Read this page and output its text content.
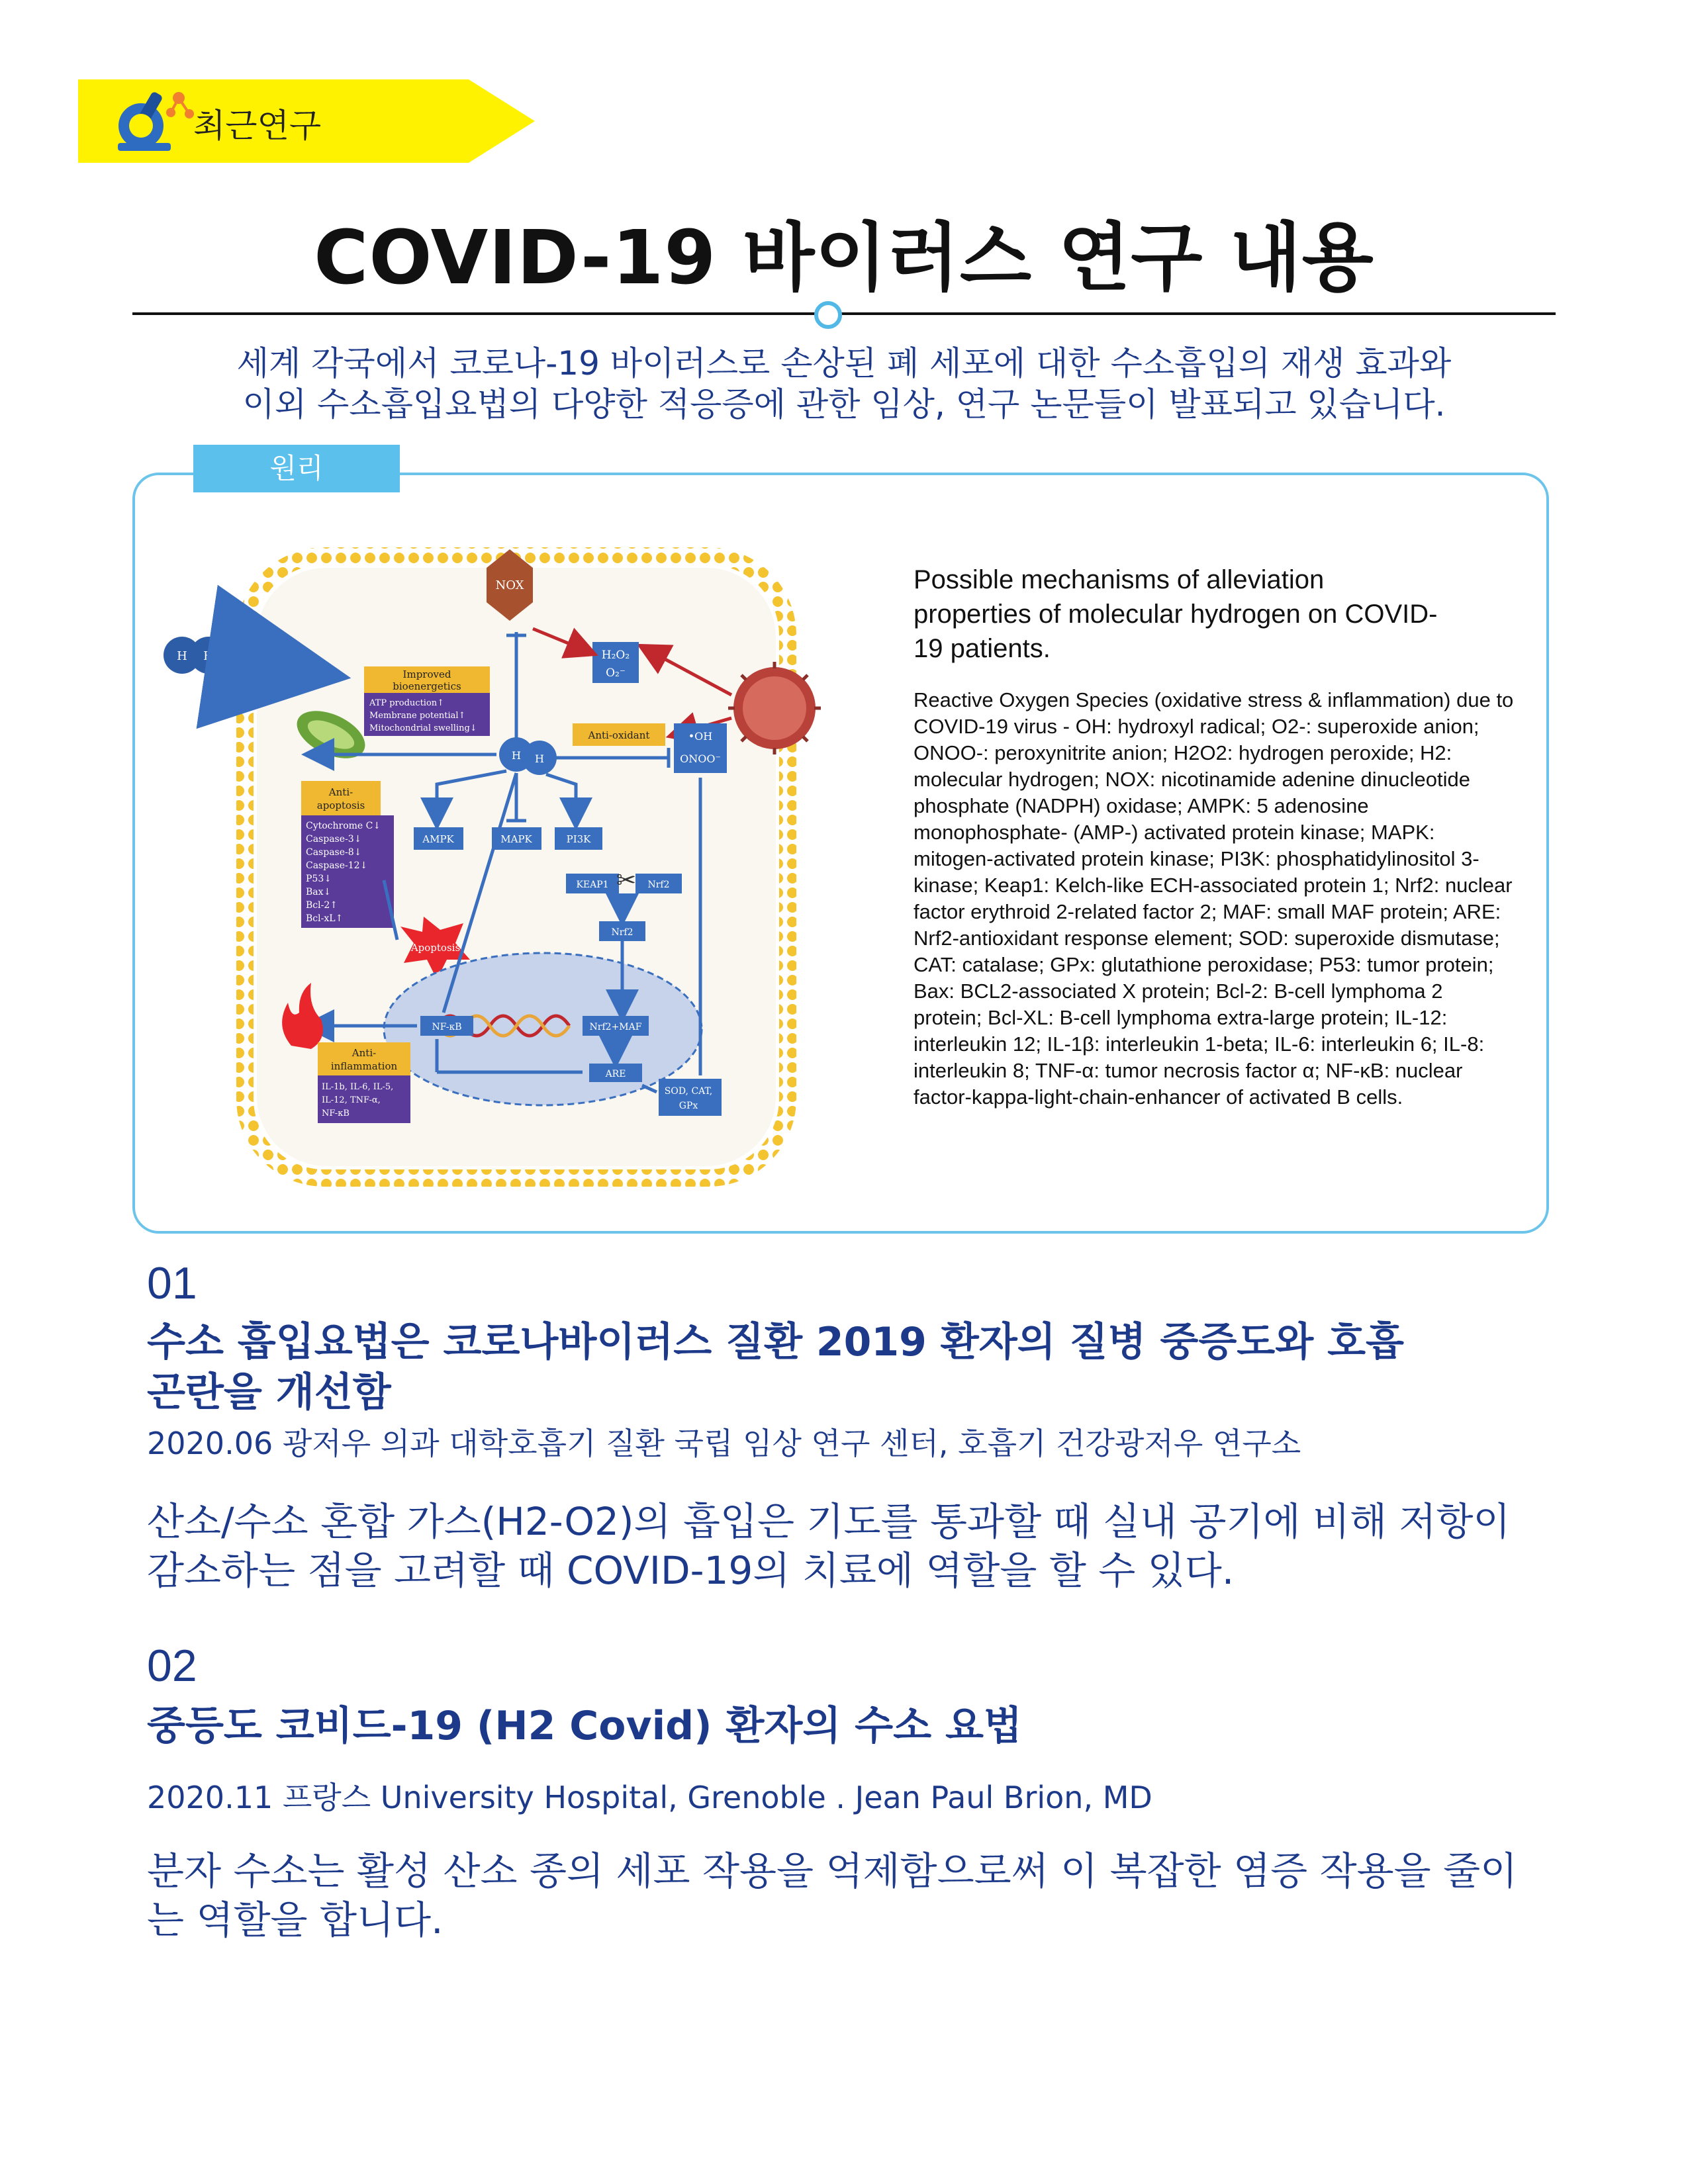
최근연구
COVID-19 바이러스 연구 내용
세계 각국에서 코로나-19 바이러스로 손상된 폐 세포에 대한 수소흡입의 재생 효과와
이외 수소흡입요법의 다양한 적응증에 관한 임상, 연구 논문들이 발표되고 있습니다.
원리
NOX
H H	H₂O₂
O₂⁻
Improved
bioenergetics
ATP production↑
Membrane potential↑
Mitochondrial swelling↓
H H
Anti-oxidant	•OH
ONOO⁻
Anti-
apoptosis
Cytochrome C↓
Caspase-3↓
Caspase-8↓
Caspase-12↓
P53↓
Bax↓
Bcl-2↑
Bcl-xL↑
AMPK	MAPK	PI3K
KEAP1	Nrf2
✂
Nrf2
Apoptosis
NF-κB	Nrf2+MAF
ARE
SOD, CAT,
GPx
Anti-
inflammation
IL-1b, IL-6, IL-5,
IL-12, TNF-α,
NF-κB
Possible mechanisms of alleviation properties of molecular hydrogen on COVID-19 patients.
Reactive Oxygen Species (oxidative stress & inflammation) due to COVID-19 virus - OH: hydroxyl radical; O2-: superoxide anion; ONOO-: peroxynitrite anion; H2O2: hydrogen peroxide; H2: molecular hydrogen; NOX: nicotinamide adenine dinucleotide phosphate (NADPH) oxidase; AMPK: 5 adenosine monophosphate- (AMP-) activated protein kinase; MAPK: mitogen-activated protein kinase; PI3K: phosphatidylinositol 3-kinase; Keap1: Kelch-like ECH-associated protein 1; Nrf2: nuclear factor erythroid 2-related factor 2; MAF: small MAF protein; ARE: Nrf2-antioxidant response element; SOD: superoxide dismutase; CAT: catalase; GPx: glutathione peroxidase; P53: tumor protein; Bax: BCL2-associated X protein; Bcl-2: B-cell lymphoma 2 protein; Bcl-XL: B-cell lymphoma extra-large protein; IL-12: interleukin 12; IL-1β: interleukin 1-beta; IL-6: interleukin 6; IL-8: interleukin 8; TNF-α: tumor necrosis factor α; NF-κB: nuclear factor-kappa-light-chain-enhancer of activated B cells.
01
수소 흡입요법은 코로나바이러스 질환 2019 환자의 질병 중증도와 호흡
곤란을 개선함
2020.06 광저우 의과 대학호흡기 질환 국립 임상 연구 센터, 호흡기 건강광저우 연구소
산소/수소 혼합 가스(H2-O2)의 흡입은 기도를 통과할 때 실내 공기에 비해 저항이
감소하는 점을 고려할 때 COVID-19의 치료에 역할을 할 수 있다.
02
중등도 코비드-19 (H2 Covid) 환자의 수소 요법
2020.11 프랑스 University Hospital, Grenoble . Jean Paul Brion, MD
분자 수소는 활성 산소 종의 세포 작용을 억제함으로써 이 복잡한 염증 작용을 줄이
는 역할을 합니다.
